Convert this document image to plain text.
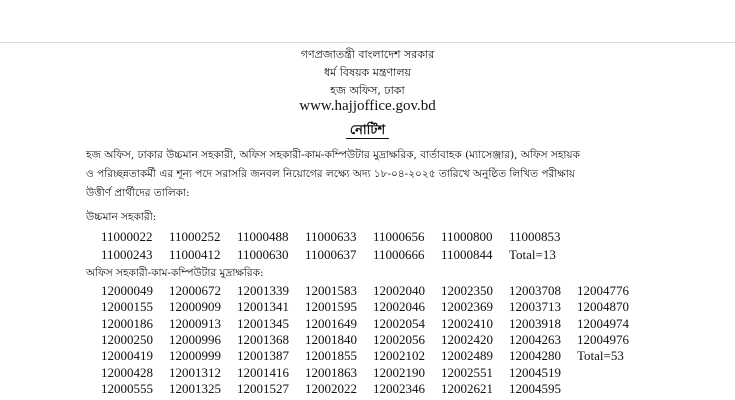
গণপ্রজাতন্ত্রী বাংলাদেশ সরকার
ধর্ম বিষয়ক মন্ত্রণালয়
হজ অফিস, ঢাকা
www.hajjoffice.gov.bd
নোটিশ
হজ অফিস, ঢাকার উচ্চমান সহকারী, অফিস সহকারী-কাম-কম্পিউটার মুদ্রাক্ষরিক, বার্তাবাহক (ম্যাসেঞ্জার), অফিস সহায়ক
ও পরিচ্ছন্নতাকর্মী এর শূন্য পদে সরাসরি জনবল নিয়োগের লক্ষ্যে অদ্য ১৮-০৪-২০২৫ তারিখে অনুষ্ঠিত লিখিত পরীক্ষায়
উত্তীর্ণ প্রার্থীদের তালিকা:
উচ্চমান সহকারী:
11000022 11000252 11000488 11000633 11000656 11000800 11000853
11000243 11000412 11000630 11000637 11000666 11000844 Total=13
অফিস সহকারী-কাম-কম্পিউটার মুদ্রাক্ষরিক:
12000049 12000672 12001339 12001583 12002040 12002350 12003708 12004776
12000155 12000909 12001341 12001595 12002046 12002369 12003713 12004870
12000186 12000913 12001345 12001649 12002054 12002410 12003918 12004974
12000250 12000996 12001368 12001840 12002056 12002420 12004263 12004976
12000419 12000999 12001387 12001855 12002102 12002489 12004280 Total=53
12000428 12001312 12001416 12001863 12002190 12002551 12004519
12000555 12001325 12001527 12002022 12002346 12002621 12004595
